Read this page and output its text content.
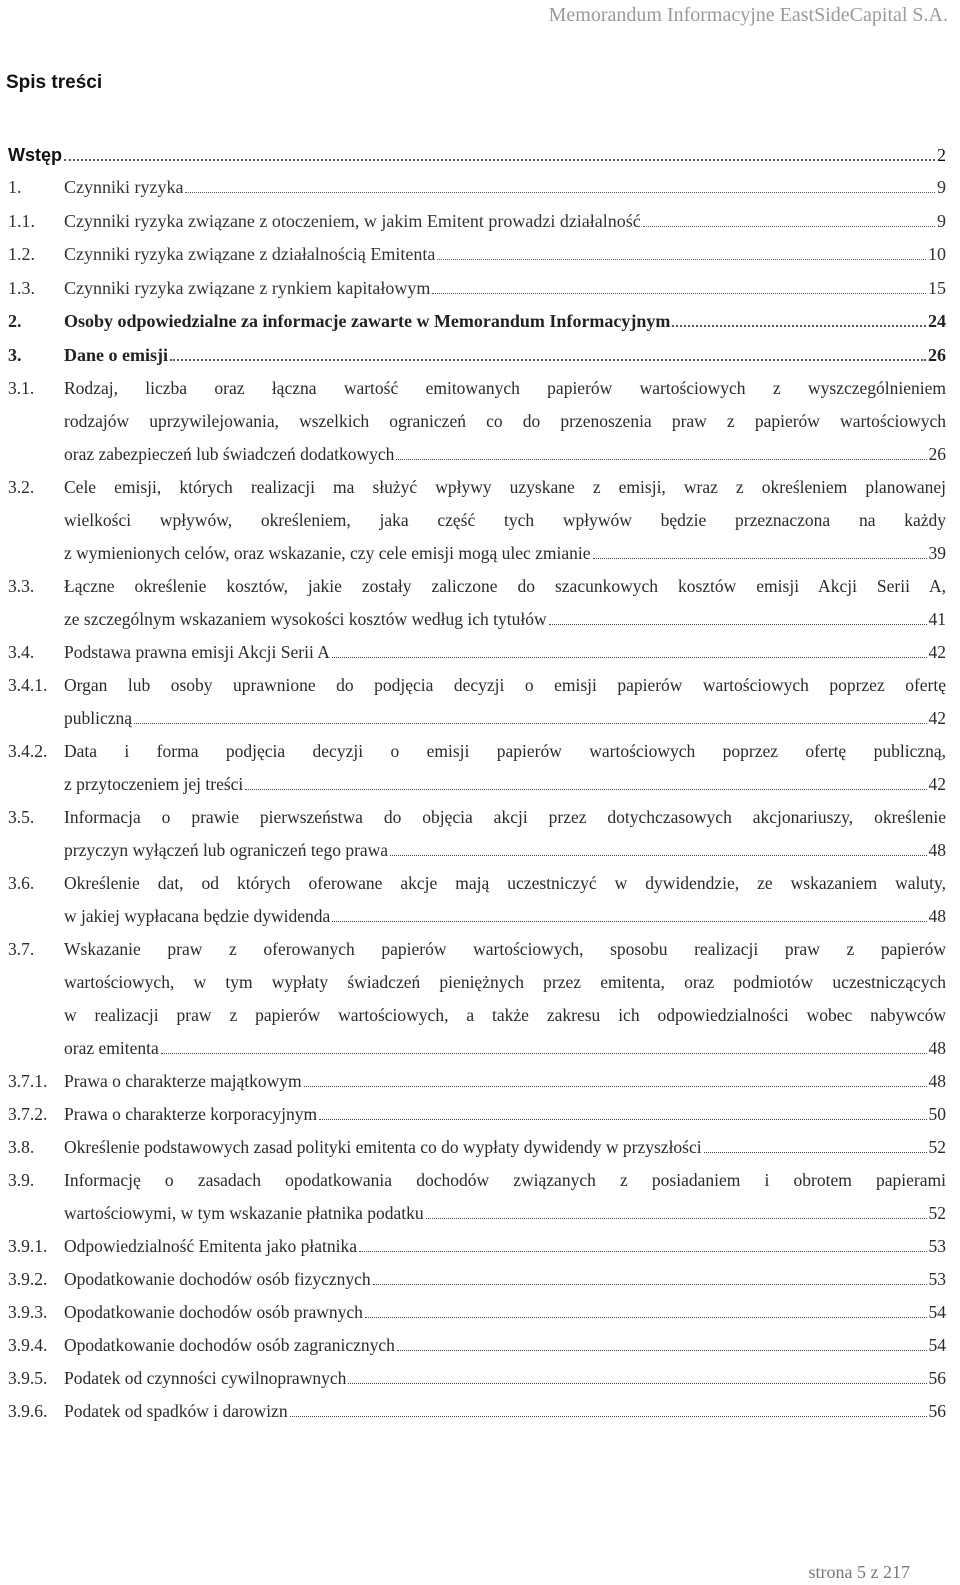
Memorandum Informacyjne EastSideCapital S.A.
Spis treści
Wstęp	2
1.	Czynniki ryzyka	9
1.1.	Czynniki ryzyka związane z otoczeniem, w jakim Emitent prowadzi działalność	9
1.2.	Czynniki ryzyka związane z działalnością Emitenta	10
1.3.	Czynniki ryzyka związane z rynkiem kapitałowym	15
2.	Osoby odpowiedzialne za informacje zawarte w Memorandum Informacyjnym	24
3.	Dane o emisji	26
3.1.	Rodzaj, liczba oraz łączna wartość emitowanych papierów wartościowych z wyszczególnieniem
rodzajów uprzywilejowania, wszelkich ograniczeń co do przenoszenia praw z papierów wartościowych
oraz zabezpieczeń lub świadczeń dodatkowych	26
3.2.	Cele emisji, których realizacji ma służyć wpływy uzyskane z emisji, wraz z określeniem planowanej
wielkości wpływów, określeniem, jaka część tych wpływów będzie przeznaczona na każdy
z wymienionych celów, oraz wskazanie, czy cele emisji mogą ulec zmianie	39
3.3.	Łączne określenie kosztów, jakie zostały zaliczone do szacunkowych kosztów emisji Akcji Serii A,
ze szczególnym wskazaniem wysokości kosztów według ich tytułów	41
3.4.	Podstawa prawna emisji Akcji Serii A	42
3.4.1. Organ lub osoby uprawnione do podjęcia decyzji o emisji papierów wartościowych poprzez ofertę
publiczną	42
3.4.2. Data i forma podjęcia decyzji o emisji papierów wartościowych poprzez ofertę publiczną,
z przytoczeniem jej treści	42
3.5.	Informacja o prawie pierwszeństwa do objęcia akcji przez dotychczasowych akcjonariuszy, określenie
przyczyn wyłączeń lub ograniczeń tego prawa	48
3.6.	Określenie dat, od których oferowane akcje mają uczestniczyć w dywidendzie, ze wskazaniem waluty,
w jakiej wypłacana będzie dywidenda	48
3.7.	Wskazanie praw z oferowanych papierów wartościowych, sposobu realizacji praw z papierów
wartościowych, w tym wypłaty świadczeń pieniężnych przez emitenta, oraz podmiotów uczestniczących
w realizacji praw z papierów wartościowych, a także zakresu ich odpowiedzialności wobec nabywców
oraz emitenta	48
3.7.1. Prawa o charakterze majątkowym	48
3.7.2. Prawa o charakterze korporacyjnym	50
3.8.	Określenie podstawowych zasad polityki emitenta co do wypłaty dywidendy w przyszłości	52
3.9.	Informację o zasadach opodatkowania dochodów związanych z posiadaniem i obrotem papierami
wartościowymi, w tym wskazanie płatnika podatku	52
3.9.1. Odpowiedzialność Emitenta jako płatnika	53
3.9.2. Opodatkowanie dochodów osób fizycznych	53
3.9.3. Opodatkowanie dochodów osób prawnych	54
3.9.4. Opodatkowanie dochodów osób zagranicznych	54
3.9.5. Podatek od czynności cywilnoprawnych	56
3.9.6. Podatek od spadków i darowizn	56
strona 5 z 217
